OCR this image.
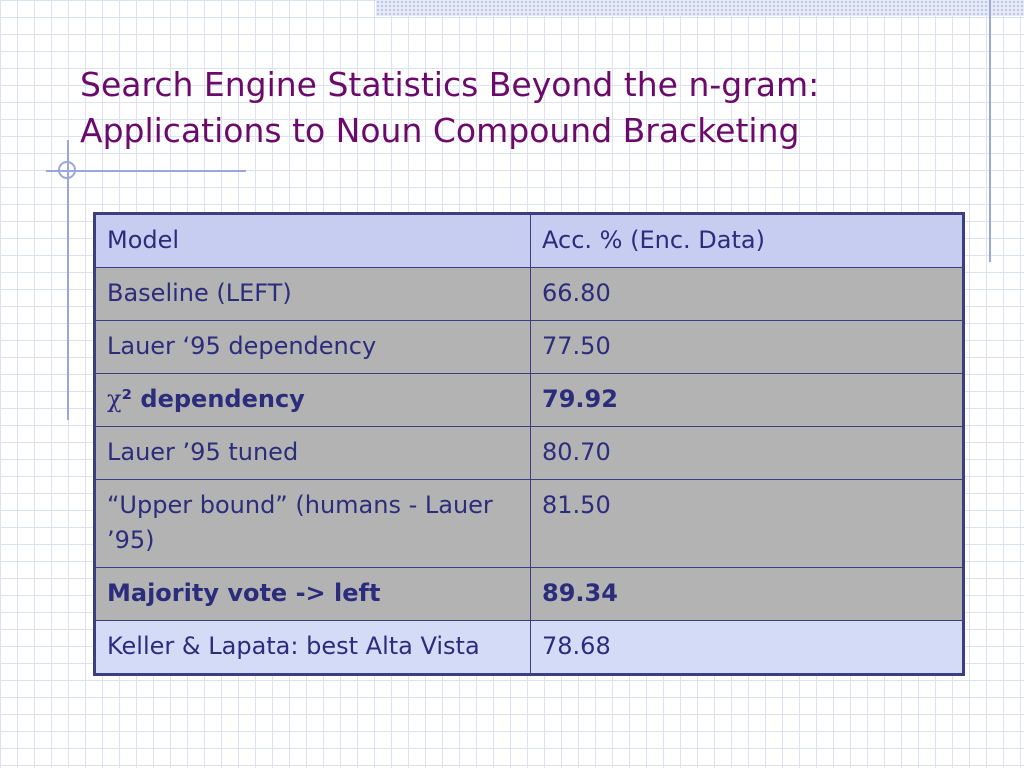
Search Engine Statistics Beyond the n-gram:
Applications to Noun Compound Bracketing
Model	Acc. % (Enc. Data)
Baseline (LEFT)	66.80
Lauer ‘95 dependency	77.50
χ² dependency	79.92
Lauer ’95 tuned	80.70
“Upper bound” (humans - Lauer ’95)	81.50
Majority vote -> left	89.34
Keller & Lapata: best Alta Vista	78.68
